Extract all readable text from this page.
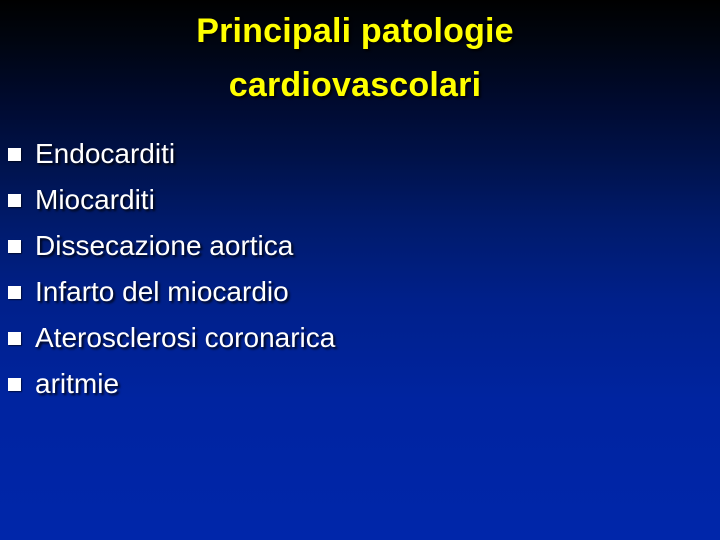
Principali patologie
cardiovascolari
Endocarditi
Miocarditi
Dissecazione aortica
Infarto del miocardio
Aterosclerosi coronarica
aritmie
